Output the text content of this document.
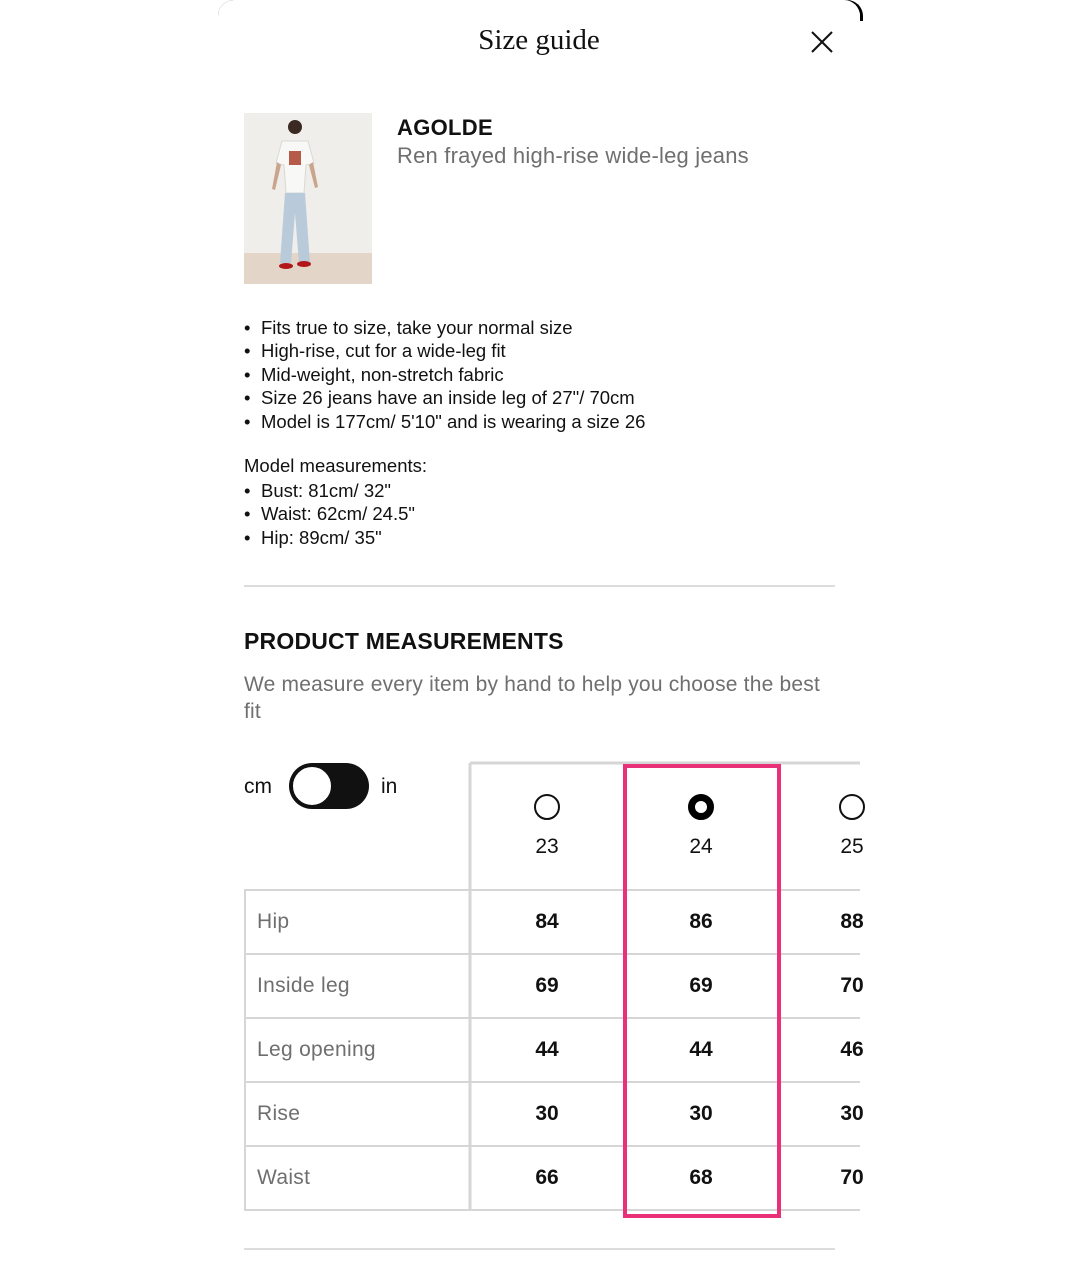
Size guide
AGOLDE
Ren frayed high-rise wide-leg jeans
• Fits true to size, take your normal size
• High-rise, cut for a wide-leg fit
• Mid-weight, non-stretch fabric
• Size 26 jeans have an inside leg of 27"/ 70cm
• Model is 177cm/ 5'10" and is wearing a size 26
Model measurements:
• Bust: 81cm/ 32"
• Waist: 62cm/ 24.5"
• Hip: 89cm/ 35"
PRODUCT MEASUREMENTS
We measure every item by hand to help you choose the best fit
cm	in
23	24	25
Hip	84	86	88
Inside leg	69	69	70
Leg opening	44	44	46
Rise	30	30	30
Waist	66	68	70
